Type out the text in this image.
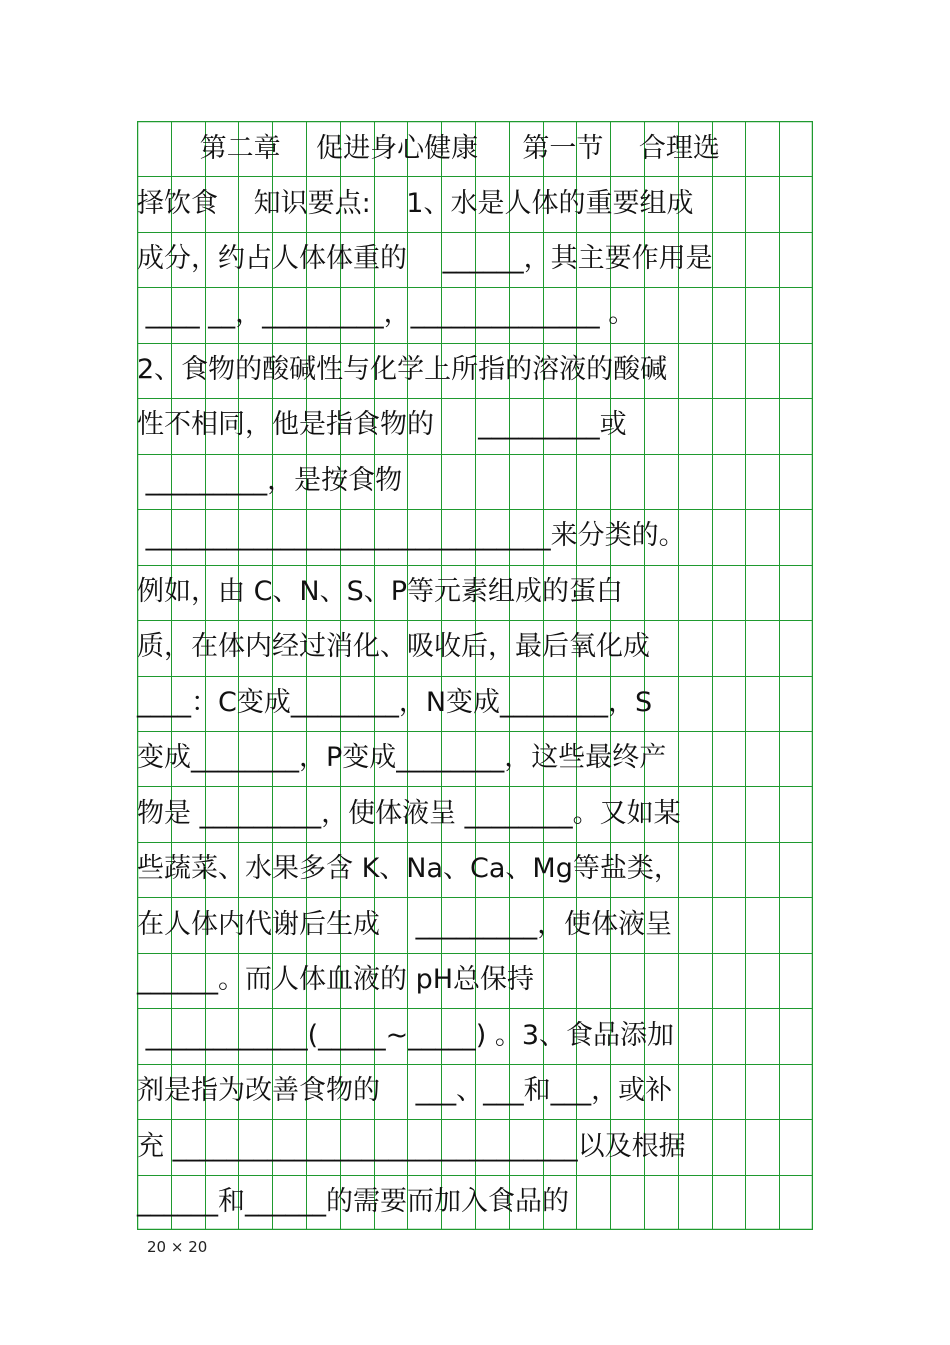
　 　第二章 　促进身心健康 　 第一节 　合理选
择饮食 　知识要点: 　1、水是人体的重要组成
成分，约占人体体重的 　______，其主要作用是
____ __，_________，______________ 。
2、食物的酸碱性与化学上所指的溶液的酸碱
性不相同，他是指食物的 　 _________或
_________，是按食物
______________________________来分类的。
例如，由 C、N、S、P等元素组成的蛋白
质，在体内经过消化、吸收后，最后氧化成
____：C变成________，N变成________，S
变成________，P变成________，这些最终产
物是 _________，使体液呈 ________。又如某
些蔬菜、水果多含 K、Na、Ca、Mg等盐类，
在人体内代谢后生成 　_________，使体液呈
______。而人体血液的 pH总保持
____________(_____~_____) 。3、食品添加
剂是指为改善食物的 　___、___和___，或补
充 ______________________________以及根据
______和______的需要而加入食品的
20 × 20
